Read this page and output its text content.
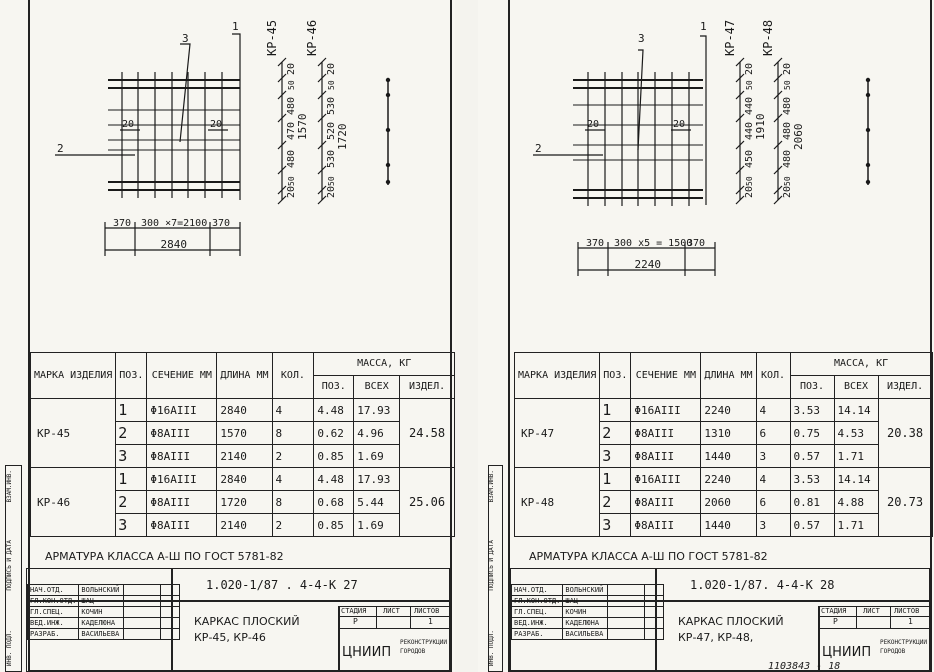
3
1
2
20	20
370 300 ×7=2100 370
2840
КР-45 КР-46
20
50
480
470
480
50
20
1570
20
50
530
520
530
50
20
1720
МАРКА ИЗДЕЛИЯ	ПОЗ.	СЕЧЕНИЕ ММ	ДЛИНА ММ	КОЛ.	МАССА, КГ		
					ПОЗ.	ВСЕХ	ИЗДЕЛ.
КР-45	1	Φ16AIII	2840	4	4.48	17.93	24.58
	2	Φ8AIII	1570	8	0.62	4.96	
	3	Φ8AIII	2140	2	0.85	1.69	
КР-46	1	Φ16AIII	2840	4	4.48	17.93	25.06
	2	Φ8AIII	1720	8	0.68	5.44	
	3	Φ8AIII	2140	2	0.85	1.69	
АРМАТУРА КЛАССА А-Ш ПО ГОСТ 5781-82
ВЗАМ.ИНВ.
ПОДПИСЬ И ДАТА
ИНВ. ПОДЛ.
НАЧ.ОТД.	ВОЛЬНСКИЙ		
ГЛ.КОН.ОТД.	ШАЦ		
ГЛ.СПЕЦ.	КОЧИН		
ВЕД.ИНЖ.	КАДЕЛЮНА		
РАЗРАБ.	ВАСИЛЬЕВА		
1.020-1/87 . 4-4-К 27
КАРКАС ПЛОСКИЙ
КР-45, КР-46
СТАДИЯ ЛИСТ ЛИСТОВ
Р	1
ЦНИИП
РЕКОНСТРУКЦИИ ГОРОДОВ
3
1
2
20	20
370 300 х5 = 1500
370
2240
КР-47 КР-48
20
50
440
440
450
50
20
1910
20
50
480
480
480
50
20
2060
МАРКА ИЗДЕЛИЯ	ПОЗ.	СЕЧЕНИЕ ММ	ДЛИНА ММ	КОЛ.	МАССА, КГ		
					ПОЗ.	ВСЕХ	ИЗДЕЛ.
КР-47	1	Φ16AIII	2240	4	3.53	14.14	20.38
	2	Φ8AIII	1310	6	0.75	4.53	
	3	Φ8AIII	1440	3	0.57	1.71	
КР-48	1	Φ16AIII	2240	4	3.53	14.14	20.73
	2	Φ8AIII	2060	6	0.81	4.88	
	3	Φ8AIII	1440	3	0.57	1.71	
АРМАТУРА КЛАССА А-Ш ПО ГОСТ 5781-82
ВЗАМ.ИНВ.
ПОДПИСЬ И ДАТА
ИНВ. ПОДЛ.
НАЧ.ОТД.	ВОЛЬНСКИЙ		
ГЛ.КОН.ОТД.	ШАЦ		
ГЛ.СПЕЦ.	КОЧИН		
ВЕД.ИНЖ.	КАДЕЛЮНА		
РАЗРАБ.	ВАСИЛЬЕВА		
1.020-1/87. 4-4-К 28
КАРКАС ПЛОСКИЙ
КР-47, КР-48,
СТАДИЯ ЛИСТ ЛИСТОВ
Р	1
ЦНИИП
РЕКОНСТРУКЦИИ ГОРОДОВ
1103843 - 18
